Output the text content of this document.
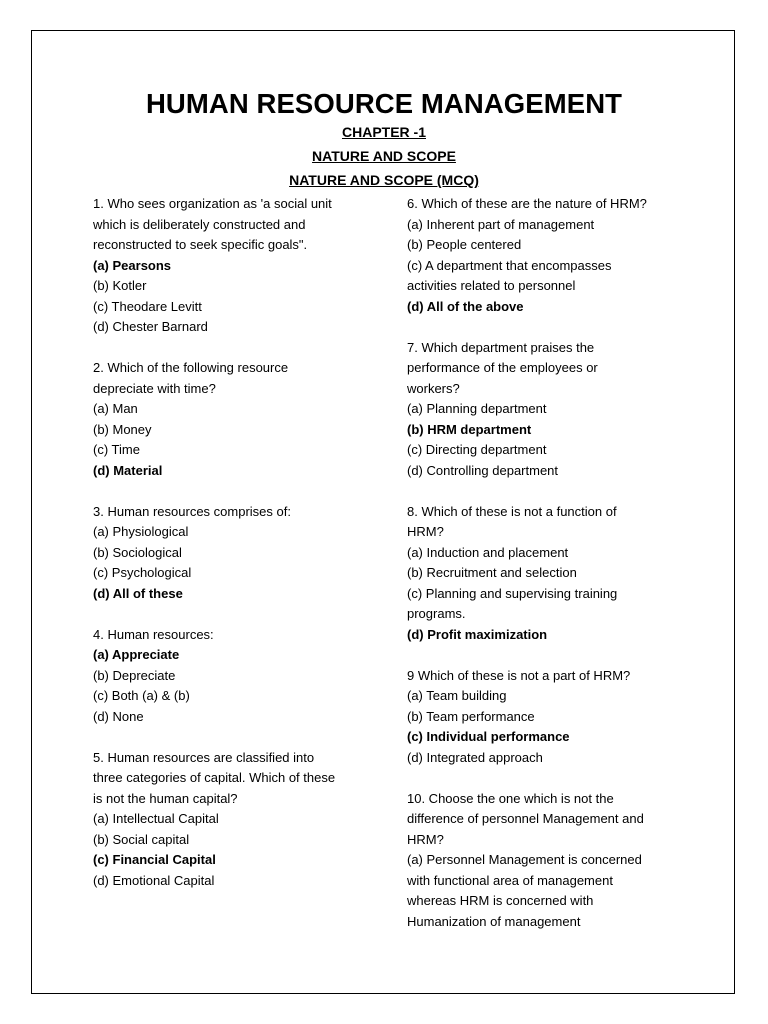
HUMAN RESOURCE MANAGEMENT
CHAPTER -1
NATURE AND SCOPE
NATURE AND SCOPE (MCQ)
1. Who sees organization as 'a social unit
which is deliberately constructed and
reconstructed to seek specific goals".
(a) Pearsons
(b) Kotler
(c) Theodare Levitt
(d) Chester Barnard
2. Which of the following resource
depreciate with time?
(a) Man
(b) Money
(c) Time
(d) Material
3. Human resources comprises of:
(a) Physiological
(b) Sociological
(c) Psychological
(d) All of these
4. Human resources:
(a) Appreciate
(b) Depreciate
(c) Both (a) & (b)
(d) None
5. Human resources are classified into
three categories of capital. Which of these
is not the human capital?
(a) Intellectual Capital
(b) Social capital
(c) Financial Capital
(d) Emotional Capital
6. Which of these are the nature of HRM?
(a) Inherent part of management
(b) People centered
(c) A department that encompasses
activities related to personnel
(d) All of the above
7. Which department praises the
performance of the employees or
workers?
(a) Planning department
(b) HRM department
(c) Directing department
(d) Controlling department
8. Which of these is not a function of
HRM?
(a) Induction and placement
(b) Recruitment and selection
(c) Planning and supervising training
programs.
(d) Profit maximization
9 Which of these is not a part of HRM?
(a) Team building
(b) Team performance
(c) Individual performance
(d) Integrated approach
10. Choose the one which is not the
difference of personnel Management and
HRM?
(a) Personnel Management is concerned
with functional area of management
whereas HRM is concerned with
Humanization of management
